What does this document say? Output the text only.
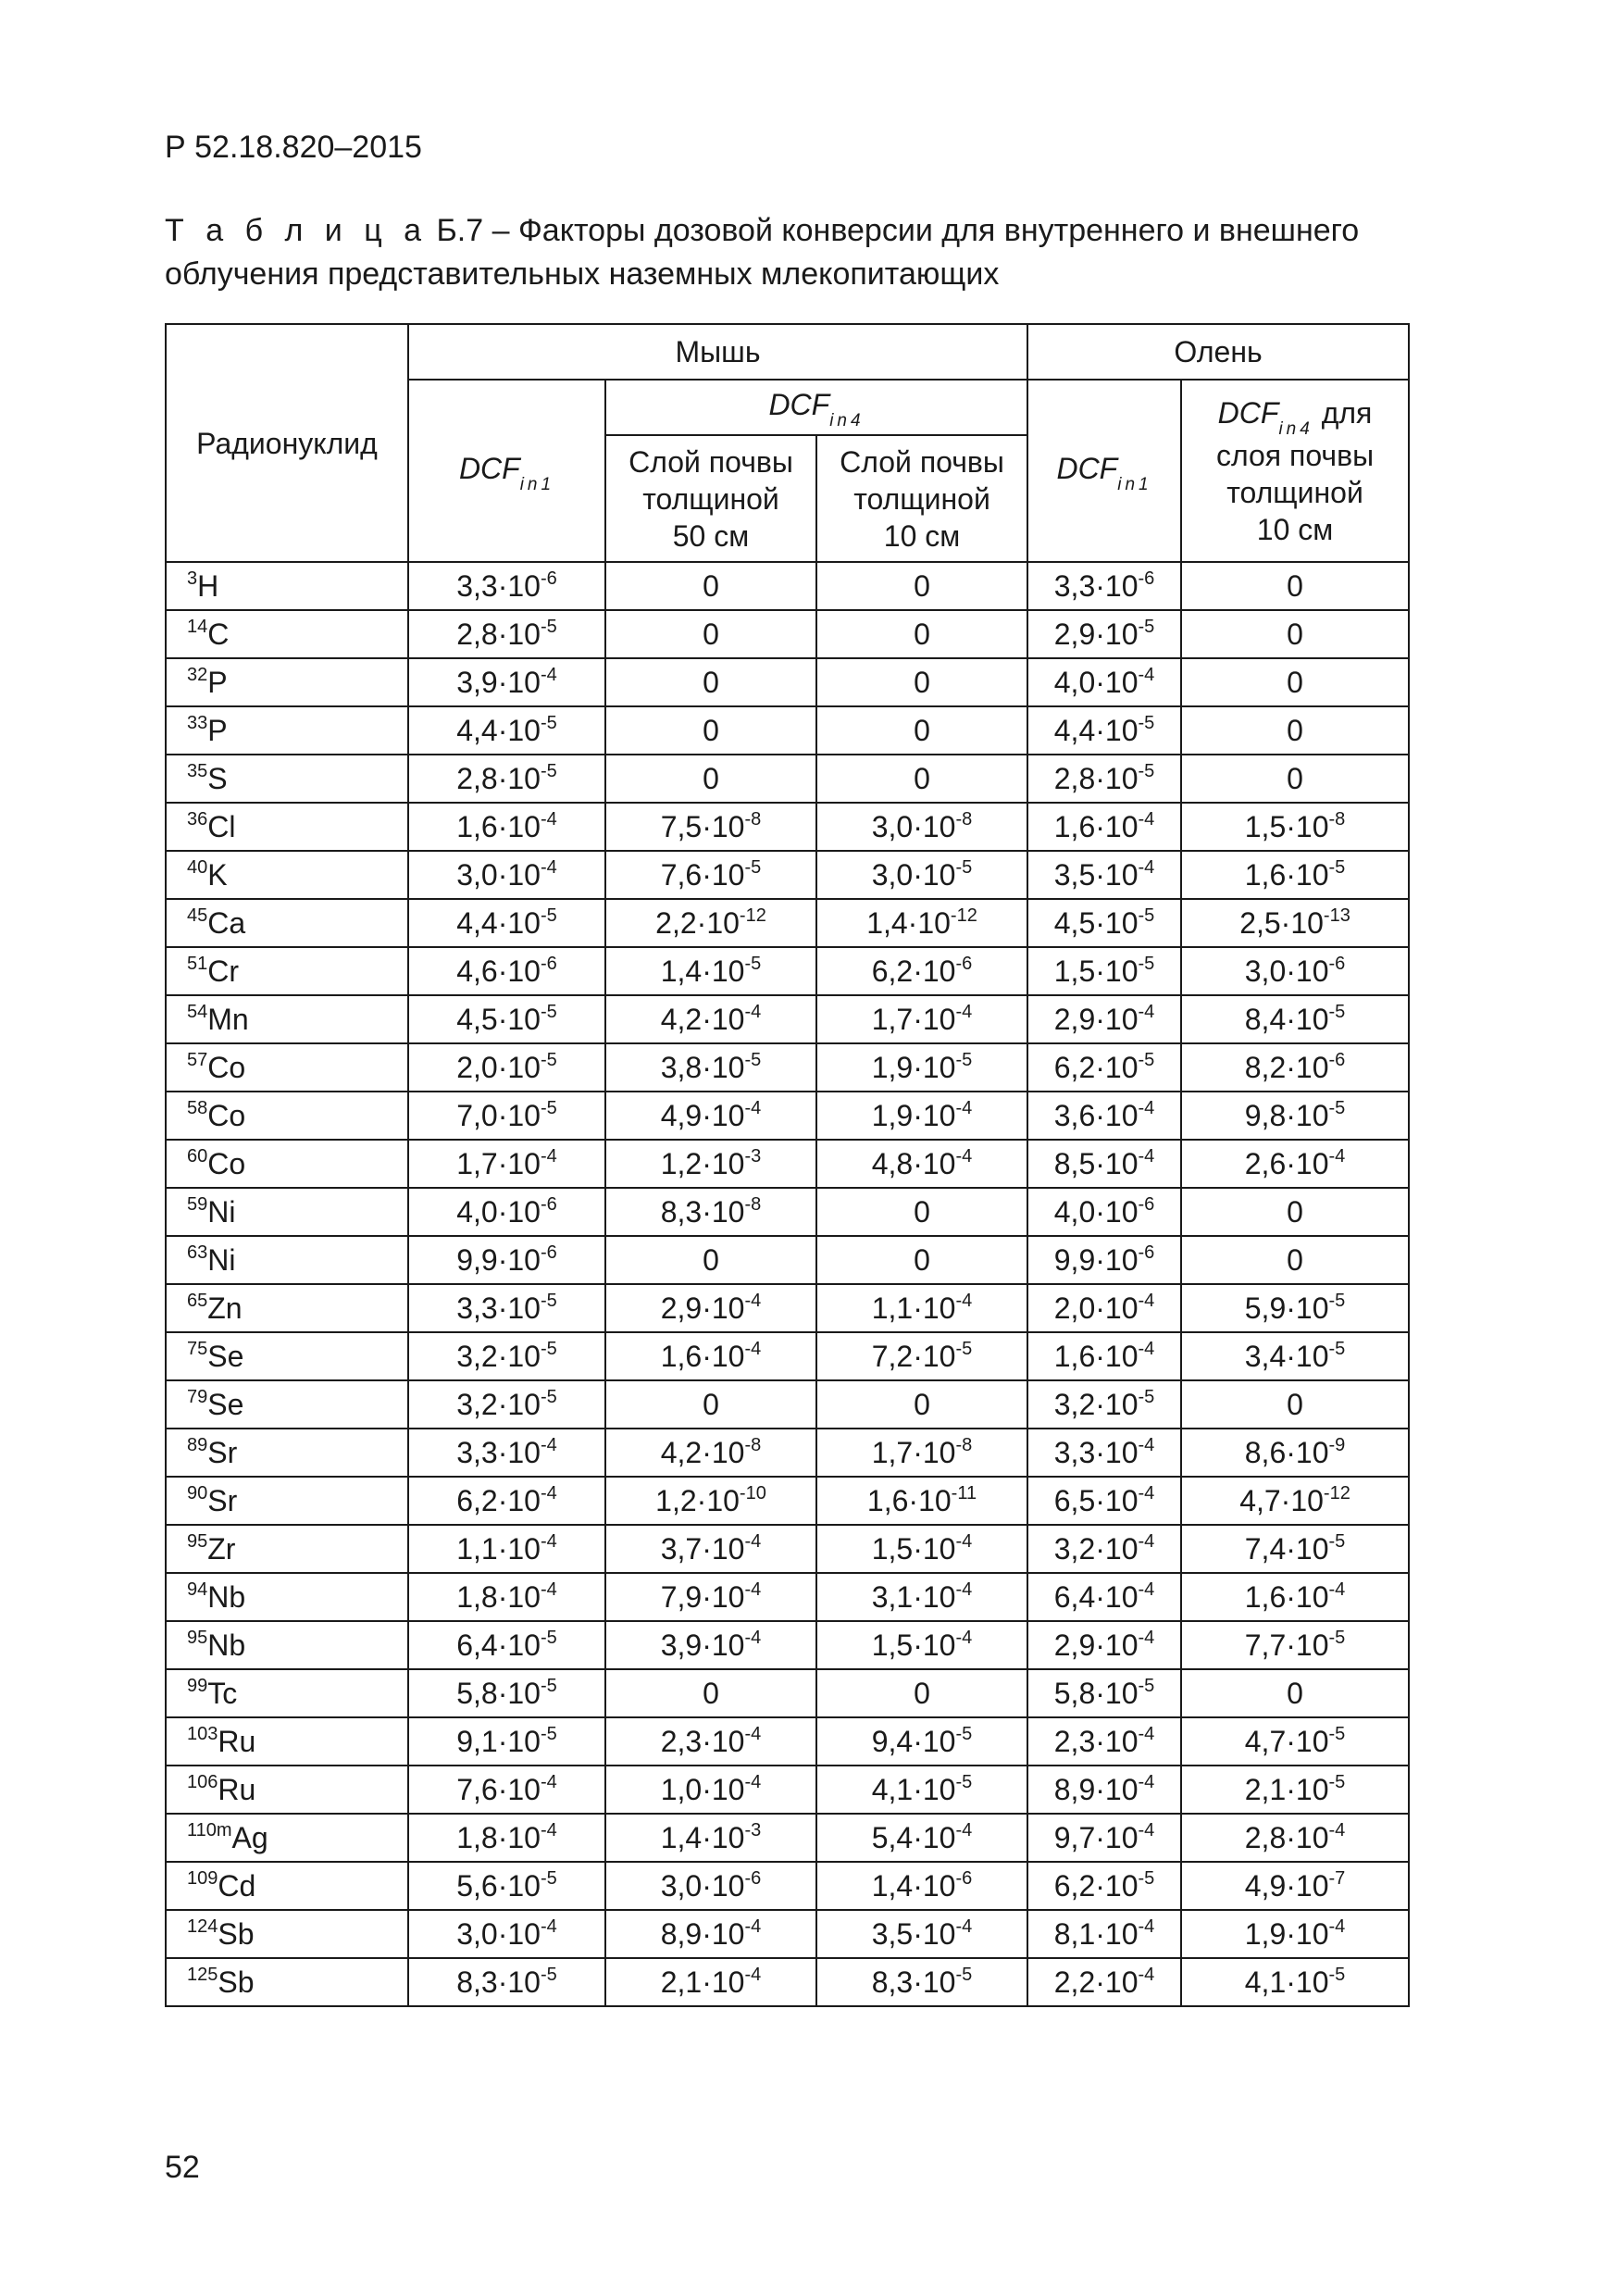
Р 52.18.820–2015
Т а б л и ц а Б.7 – Факторы дозовой конверсии для внутреннего и внешнего облучения представительных наземных млекопитающих
Радионуклид	Мышь			Олень	
	$DCF_{in1}$	$DCF_{in4}$		$DCF_{in1}$	$DCF_{in4}$ для
слоя почвы
толщиной
10 см
		Слой почвы
толщиной
50 см	Слой почвы
толщиной
10 см		
$^3$H	$3,3\cdot 10^{-6}$	0	0	$3,3\cdot 10^{-6}$	0
$^{14}$C	$2,8\cdot 10^{-5}$	0	0	$2,9\cdot 10^{-5}$	0
$^{32}$P	$3,9\cdot 10^{-4}$	0	0	$4,0\cdot 10^{-4}$	0
$^{33}$P	$4,4\cdot 10^{-5}$	0	0	$4,4\cdot 10^{-5}$	0
$^{35}$S	$2,8\cdot 10^{-5}$	0	0	$2,8\cdot 10^{-5}$	0
$^{36}$Cl	$1,6\cdot 10^{-4}$	$7,5\cdot 10^{-8}$	$3,0\cdot 10^{-8}$	$1,6\cdot 10^{-4}$	$1,5\cdot 10^{-8}$
$^{40}$K	$3,0\cdot 10^{-4}$	$7,6\cdot 10^{-5}$	$3,0\cdot 10^{-5}$	$3,5\cdot 10^{-4}$	$1,6\cdot 10^{-5}$
$^{45}$Ca	$4,4\cdot 10^{-5}$	$2,2\cdot 10^{-12}$	$1,4\cdot 10^{-12}$	$4,5\cdot 10^{-5}$	$2,5\cdot 10^{-13}$
$^{51}$Cr	$4,6\cdot 10^{-6}$	$1,4\cdot 10^{-5}$	$6,2\cdot 10^{-6}$	$1,5\cdot 10^{-5}$	$3,0\cdot 10^{-6}$
$^{54}$Mn	$4,5\cdot 10^{-5}$	$4,2\cdot 10^{-4}$	$1,7\cdot 10^{-4}$	$2,9\cdot 10^{-4}$	$8,4\cdot 10^{-5}$
$^{57}$Co	$2,0\cdot 10^{-5}$	$3,8\cdot 10^{-5}$	$1,9\cdot 10^{-5}$	$6,2\cdot 10^{-5}$	$8,2\cdot 10^{-6}$
$^{58}$Co	$7,0\cdot 10^{-5}$	$4,9\cdot 10^{-4}$	$1,9\cdot 10^{-4}$	$3,6\cdot 10^{-4}$	$9,8\cdot 10^{-5}$
$^{60}$Co	$1,7\cdot 10^{-4}$	$1,2\cdot 10^{-3}$	$4,8\cdot 10^{-4}$	$8,5\cdot 10^{-4}$	$2,6\cdot 10^{-4}$
$^{59}$Ni	$4,0\cdot 10^{-6}$	$8,3\cdot 10^{-8}$	0	$4,0\cdot 10^{-6}$	0
$^{63}$Ni	$9,9\cdot 10^{-6}$	0	0	$9,9\cdot 10^{-6}$	0
$^{65}$Zn	$3,3\cdot 10^{-5}$	$2,9\cdot 10^{-4}$	$1,1\cdot 10^{-4}$	$2,0\cdot 10^{-4}$	$5,9\cdot 10^{-5}$
$^{75}$Se	$3,2\cdot 10^{-5}$	$1,6\cdot 10^{-4}$	$7,2\cdot 10^{-5}$	$1,6\cdot 10^{-4}$	$3,4\cdot 10^{-5}$
$^{79}$Se	$3,2\cdot 10^{-5}$	0	0	$3,2\cdot 10^{-5}$	0
$^{89}$Sr	$3,3\cdot 10^{-4}$	$4,2\cdot 10^{-8}$	$1,7\cdot 10^{-8}$	$3,3\cdot 10^{-4}$	$8,6\cdot 10^{-9}$
$^{90}$Sr	$6,2\cdot 10^{-4}$	$1,2\cdot 10^{-10}$	$1,6\cdot 10^{-11}$	$6,5\cdot 10^{-4}$	$4,7\cdot 10^{-12}$
$^{95}$Zr	$1,1\cdot 10^{-4}$	$3,7\cdot 10^{-4}$	$1,5\cdot 10^{-4}$	$3,2\cdot 10^{-4}$	$7,4\cdot 10^{-5}$
$^{94}$Nb	$1,8\cdot 10^{-4}$	$7,9\cdot 10^{-4}$	$3,1\cdot 10^{-4}$	$6,4\cdot 10^{-4}$	$1,6\cdot 10^{-4}$
$^{95}$Nb	$6,4\cdot 10^{-5}$	$3,9\cdot 10^{-4}$	$1,5\cdot 10^{-4}$	$2,9\cdot 10^{-4}$	$7,7\cdot 10^{-5}$
$^{99}$Tc	$5,8\cdot 10^{-5}$	0	0	$5,8\cdot 10^{-5}$	0
$^{103}$Ru	$9,1\cdot 10^{-5}$	$2,3\cdot 10^{-4}$	$9,4\cdot 10^{-5}$	$2,3\cdot 10^{-4}$	$4,7\cdot 10^{-5}$
$^{106}$Ru	$7,6\cdot 10^{-4}$	$1,0\cdot 10^{-4}$	$4,1\cdot 10^{-5}$	$8,9\cdot 10^{-4}$	$2,1\cdot 10^{-5}$
$^{110m}$Ag	$1,8\cdot 10^{-4}$	$1,4\cdot 10^{-3}$	$5,4\cdot 10^{-4}$	$9,7\cdot 10^{-4}$	$2,8\cdot 10^{-4}$
$^{109}$Cd	$5,6\cdot 10^{-5}$	$3,0\cdot 10^{-6}$	$1,4\cdot 10^{-6}$	$6,2\cdot 10^{-5}$	$4,9\cdot 10^{-7}$
$^{124}$Sb	$3,0\cdot 10^{-4}$	$8,9\cdot 10^{-4}$	$3,5\cdot 10^{-4}$	$8,1\cdot 10^{-4}$	$1,9\cdot 10^{-4}$
$^{125}$Sb	$8,3\cdot 10^{-5}$	$2,1\cdot 10^{-4}$	$8,3\cdot 10^{-5}$	$2,2\cdot 10^{-4}$	$4,1\cdot 10^{-5}$
52
